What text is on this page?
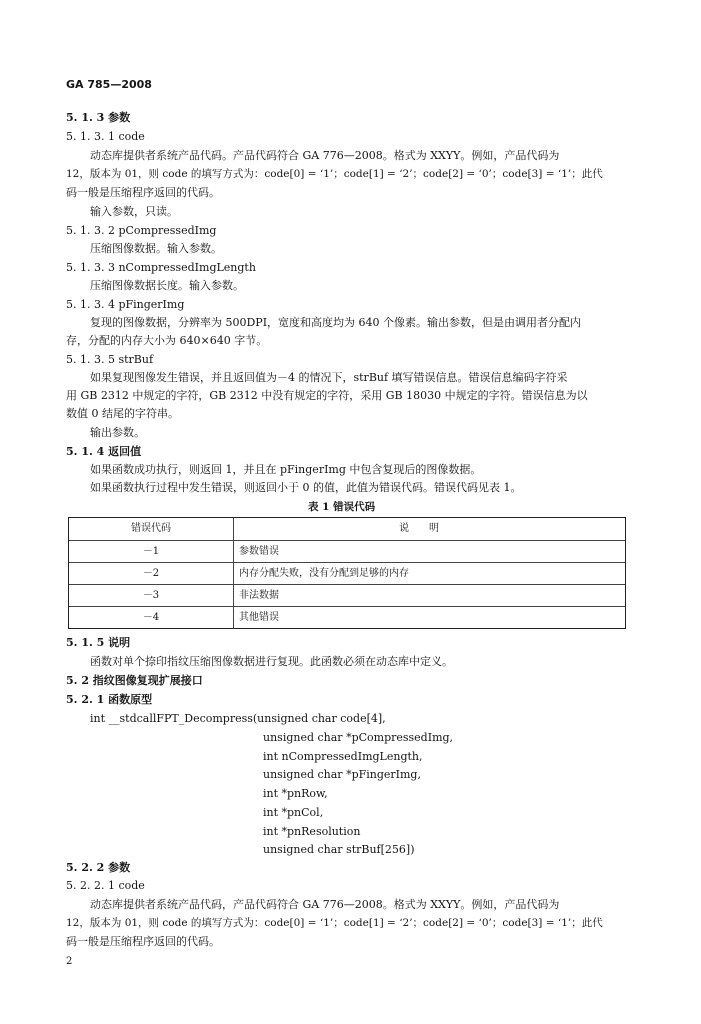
GA 785—2008
5. 1. 3 参数
5. 1. 3. 1 code
动态库提供者系统产品代码。产品代码符合 GA 776—2008。格式为 XXYY。例如，产品代码为
12，版本为 01，则 code 的填写方式为：code[0] = ‘1’；code[1] = ‘2’；code[2] = ‘0’；code[3] = ‘1’；此代
码一般是压缩程序返回的代码。
输入参数，只读。
5. 1. 3. 2 pCompressedImg
压缩图像数据。输入参数。
5. 1. 3. 3 nCompressedImgLength
压缩图像数据长度。输入参数。
5. 1. 3. 4 pFingerImg
复现的图像数据，分辨率为 500DPI，宽度和高度均为 640 个像素。输出参数，但是由调用者分配内
存，分配的内存大小为 640×640 字节。
5. 1. 3. 5 strBuf
如果复现图像发生错误，并且返回值为－4 的情况下，strBuf 填写错误信息。错误信息编码字符采
用 GB 2312 中规定的字符，GB 2312 中没有规定的字符，采用 GB 18030 中规定的字符。错误信息为以
数值 0 结尾的字符串。
输出参数。
5. 1. 4 返回值
如果函数成功执行，则返回 1，并且在 pFingerImg 中包含复现后的图像数据。
如果函数执行过程中发生错误，则返回小于 0 的值，此值为错误代码。错误代码见表 1。
表 1 错误代码
错误代码	说明
－1	参数错误
－2	内存分配失败，没有分配到足够的内存
－3	非法数据
－4	其他错误
5. 1. 5 说明
函数对单个捺印指纹压缩图像数据进行复现。此函数必须在动态库中定义。
5. 2 指纹图像复现扩展接口
5. 2. 1 函数原型
int __stdcallFPT_Decompress(unsigned char code[4],
unsigned char *pCompressedImg,
int nCompressedImgLength,
unsigned char *pFingerImg,
int *pnRow,
int *pnCol,
int *pnResolution
unsigned char strBuf[256])
5. 2. 2 参数
5. 2. 2. 1 code
动态库提供者系统产品代码，产品代码符合 GA 776—2008。格式为 XXYY。例如，产品代码为
12，版本为 01，则 code 的填写方式为：code[0] = ‘1’；code[1] = ‘2’；code[2] = ‘0’；code[3] = ‘1’；此代
码一般是压缩程序返回的代码。
2
